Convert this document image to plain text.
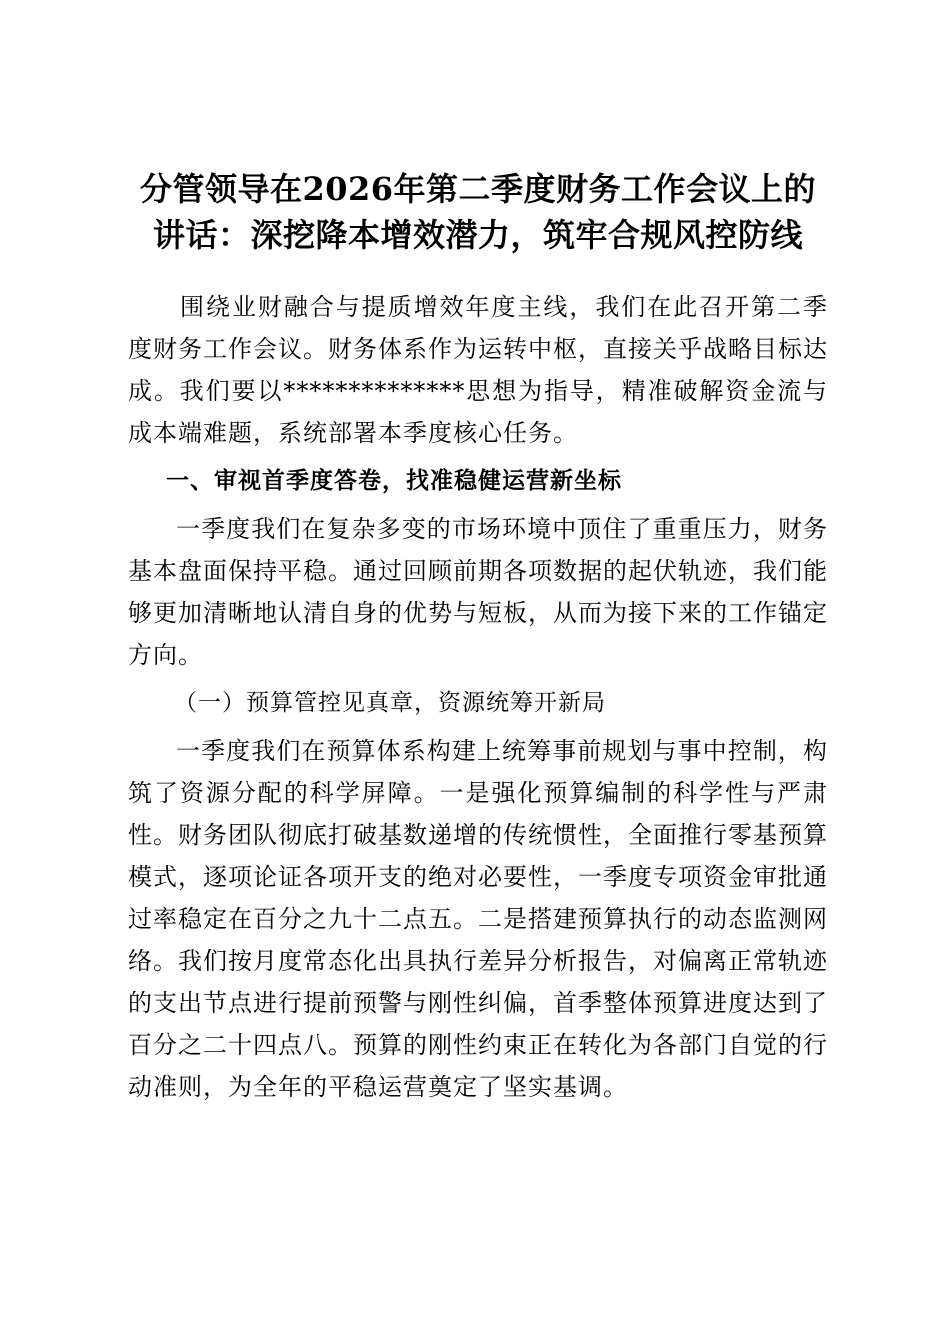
分管领导在2026年第二季度财务工作会议上的讲话：深挖降本增效潜力，筑牢合规风控防线

围绕业财融合与提质增效年度主线，我们在此召开第二季度财务工作会议。财务体系作为运转中枢，直接关乎战略目标达成。我们要以**************思想为指导，精准破解资金流与成本端难题，系统部署本季度核心任务。

一、审视首季度答卷，找准稳健运营新坐标

一季度我们在复杂多变的市场环境中顶住了重重压力，财务基本盘面保持平稳。通过回顾前期各项数据的起伏轨迹，我们能够更加清晰地认清自身的优势与短板，从而为接下来的工作锚定方向。

（一）预算管控见真章，资源统筹开新局

一季度我们在预算体系构建上统筹事前规划与事中控制，构筑了资源分配的科学屏障。一是强化预算编制的科学性与严肃性。财务团队彻底打破基数递增的传统惯性，全面推行零基预算模式，逐项论证各项开支的绝对必要性，一季度专项资金审批通过率稳定在百分之九十二点五。二是搭建预算执行的动态监测网络。我们按月度常态化出具执行差异分析报告，对偏离正常轨迹的支出节点进行提前预警与刚性纠偏，首季整体预算进度达到了百分之二十四点八。预算的刚性约束正在转化为各部门自觉的行动准则，为全年的平稳运营奠定了坚实基调。
